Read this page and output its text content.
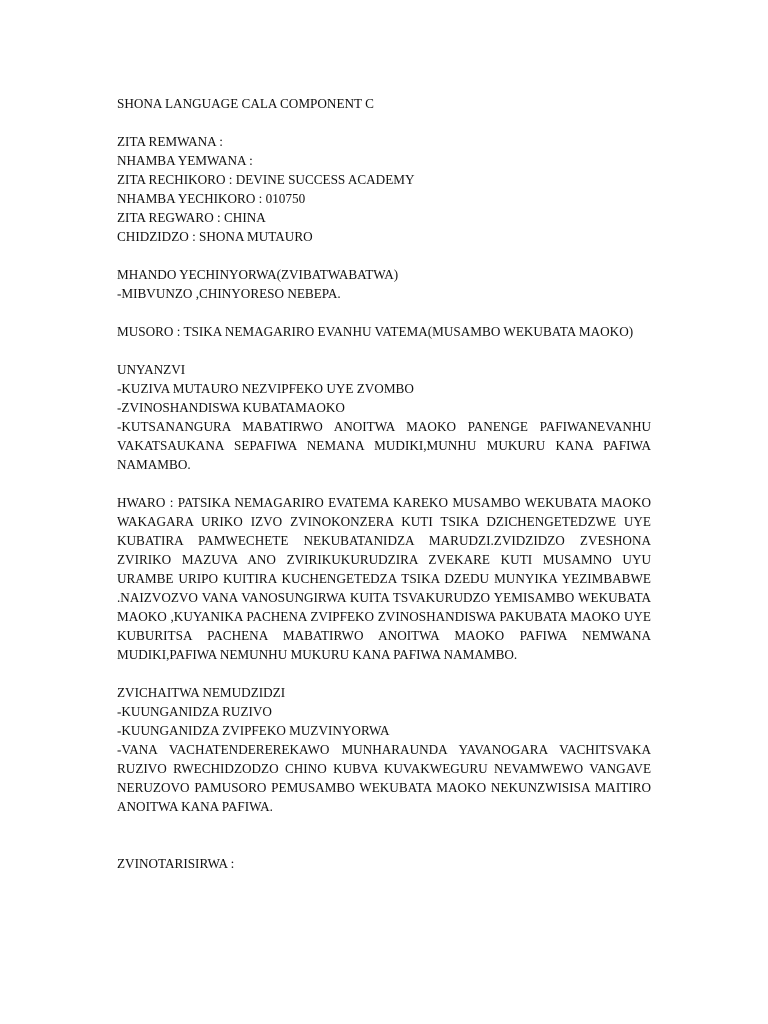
SHONA LANGUAGE CALA COMPONENT C

ZITA REMWANA :

NHAMBA YEMWANA :

ZITA RECHIKORO : DEVINE SUCCESS ACADEMY

NHAMBA YECHIKORO : 010750

ZITA REGWARO : CHINA

CHIDZIDZO : SHONA MUTAURO

MHANDO YECHINYORWA(ZVIBATWABATWA)

-MIBVUNZO ,CHINYORESO NEBEPA.

MUSORO : TSIKA NEMAGARIRO EVANHU VATEMA(MUSAMBO WEKUBATA MAOKO)

UNYANZVI

-KUZIVA MUTAURO NEZVIPFEKO UYE ZVOMBO

-ZVINOSHANDISWA KUBATAMAOKO

-KUTSANANGURA MABATIRWO ANOITWA MAOKO PANENGE PAFIWANEVANHU VAKATSAUKANA SEPAFIWA NEMANA MUDIKI,MUNHU MUKURU KANA PAFIWA NAMAMBO.

HWARO : PATSIKA NEMAGARIRO EVATEMA KAREKO MUSAMBO WEKUBATA MAOKO WAKAGARA URIKO IZVO ZVINOKONZERA KUTI TSIKA DZICHENGETEDZWE UYE KUBATIRA PAMWECHETE NEKUBATANIDZA MARUDZI.ZVIDZIDZO ZVESHONA ZVIRIKO MAZUVA ANO ZVIRIKUKURUDZIRA ZVEKARE KUTI MUSAMNO UYU URAMBE URIPO KUITIRA KUCHENGETEDZA TSIKA DZEDU MUNYIKA YEZIMBABWE .NAIZVOZVO VANA VANOSUNGIRWA KUITA TSVAKURUDZO YEMISAMBO WEKUBATA MAOKO ,KUYANIKA PACHENA ZVIPFEKO ZVINOSHANDISWA PAKUBATA MAOKO UYE KUBURITSA PACHENA MABATIRWO ANOITWA MAOKO PAFIWA NEMWANA MUDIKI,PAFIWA NEMUNHU MUKURU KANA PAFIWA NAMAMBO.

ZVICHAITWA NEMUDZIDZI

-KUUNGANIDZA RUZIVO

-KUUNGANIDZA ZVIPFEKO MUZVINYORWA

-VANA VACHATENDEREREKAWO MUNHARAUNDA YAVANOGARA VACHITSVAKA RUZIVO RWECHIDZODZO CHINO KUBVA KUVAKWEGURU NEVAMWEWO VANGAVE NERUZOVO PAMUSORO PEMUSAMBO WEKUBATA MAOKO NEKUNZWISISA MAITIRO ANOITWA KANA PAFIWA.

ZVINOTARISIRWA :
